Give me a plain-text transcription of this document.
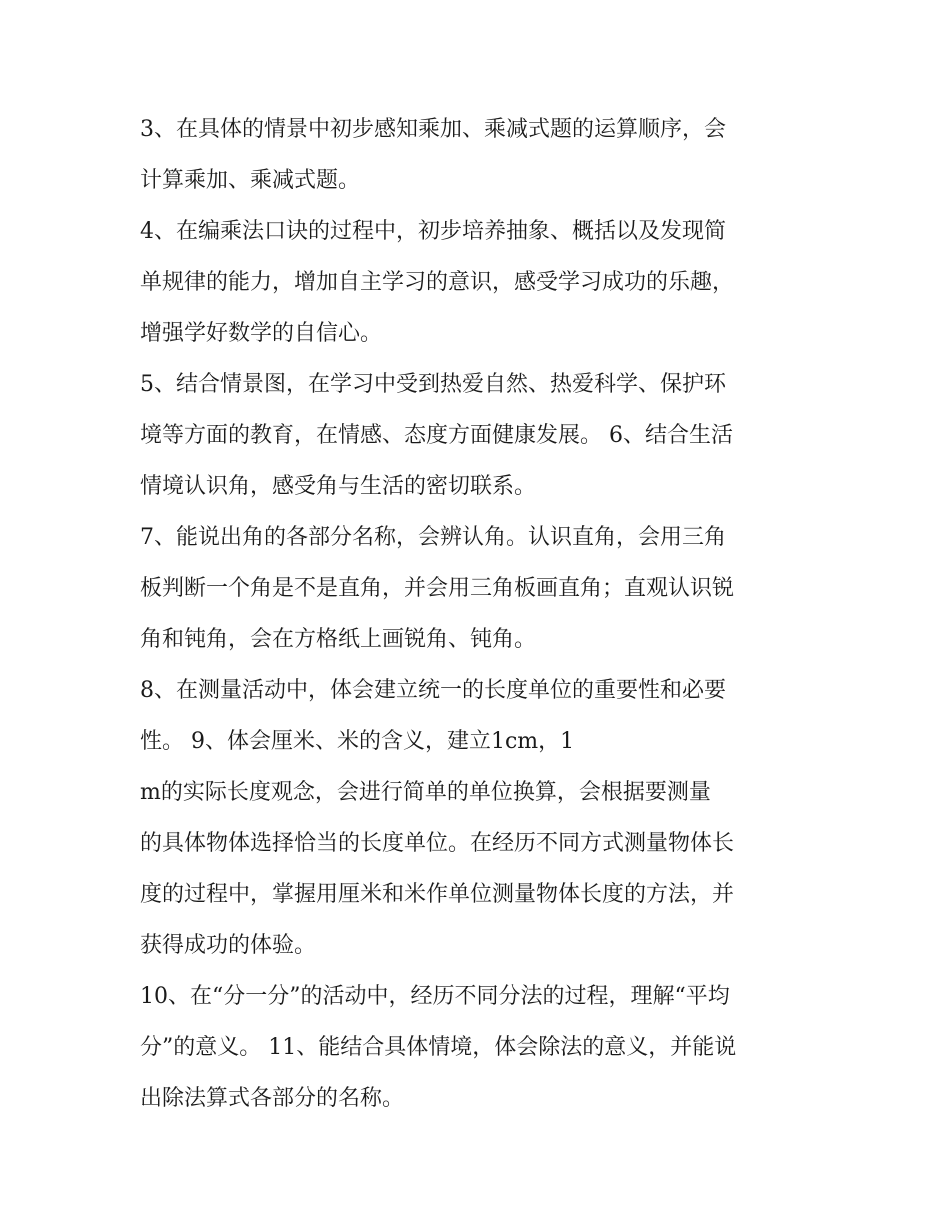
3、在具体的情景中初步感知乘加、乘减式题的运算顺序，会
计算乘加、乘减式题。
4、在编乘法口诀的过程中，初步培养抽象、概括以及发现简
单规律的能力，增加自主学习的意识，感受学习成功的乐趣，
增强学好数学的自信心。
5、结合情景图，在学习中受到热爱自然、热爱科学、保护环
境等方面的教育，在情感、态度方面健康发展。 6、结合生活
情境认识角，感受角与生活的密切联系。
7、能说出角的各部分名称，会辨认角。认识直角，会用三角
板判断一个角是不是直角，并会用三角板画直角；直观认识锐
角和钝角，会在方格纸上画锐角、钝角。
8、在测量活动中，体会建立统一的长度单位的重要性和必要
性。 9、体会厘米、米的含义，建立1cm，1
m的实际长度观念，会进行简单的单位换算，会根据要测量
的具体物体选择恰当的长度单位。在经历不同方式测量物体长
度的过程中，掌握用厘米和米作单位测量物体长度的方法，并
获得成功的体验。
10、在“分一分”的活动中，经历不同分法的过程，理解“平均
分”的意义。 11、能结合具体情境，体会除法的意义，并能说
出除法算式各部分的名称。
